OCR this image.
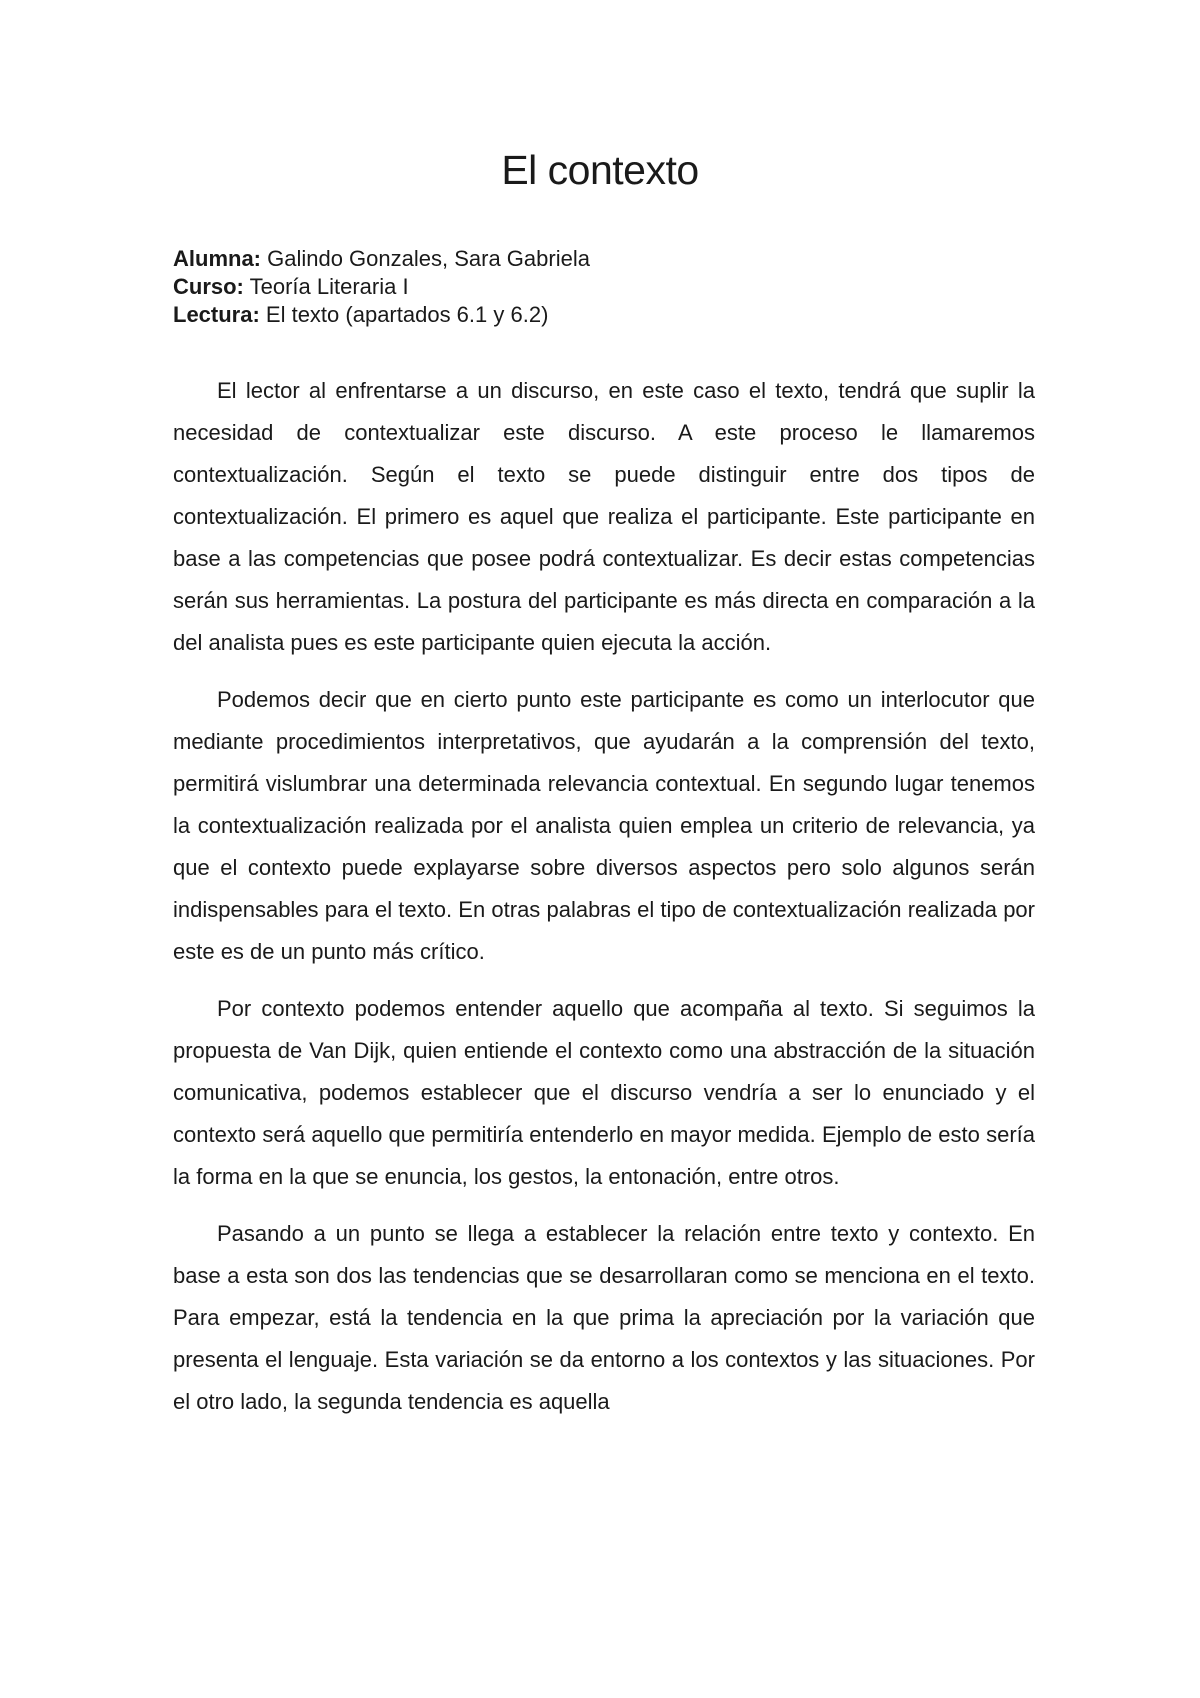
El contexto

Alumna: Galindo Gonzales, Sara Gabriela

Curso: Teoría Literaria I

Lectura: El texto (apartados 6.1 y 6.2)

El lector al enfrentarse a un discurso, en este caso el texto, tendrá que suplir la necesidad de contextualizar este discurso. A este proceso le llamaremos contextualización. Según el texto se puede distinguir entre dos tipos de contextualización. El primero es aquel que realiza el participante. Este participante en base a las competencias que posee podrá contextualizar. Es decir estas competencias serán sus herramientas. La postura del participante es más directa en comparación a la del analista pues es este participante quien ejecuta la acción.

Podemos decir que en cierto punto este participante es como un interlocutor que mediante procedimientos interpretativos, que ayudarán a la comprensión del texto, permitirá vislumbrar una determinada relevancia contextual. En segundo lugar tenemos la contextualización realizada por el analista quien emplea un criterio de relevancia, ya que el contexto puede explayarse sobre diversos aspectos pero solo algunos serán indispensables para el texto. En otras palabras el tipo de contextualización realizada por este es de un punto más crítico.

Por contexto podemos entender aquello que acompaña al texto. Si seguimos la propuesta de Van Dijk, quien entiende el contexto como una abstracción de la situación comunicativa, podemos establecer que el discurso vendría a ser lo enunciado y el contexto será aquello que permitiría entenderlo en mayor medida. Ejemplo de esto sería la forma en la que se enuncia, los gestos, la entonación, entre otros.

Pasando a un punto se llega a establecer la relación entre texto y contexto. En base a esta son dos las tendencias que se desarrollaran como se menciona en el texto. Para empezar, está la tendencia en la que prima la apreciación por la variación que presenta el lenguaje. Esta variación se da entorno a los contextos y las situaciones. Por el otro lado, la segunda tendencia es aquella
